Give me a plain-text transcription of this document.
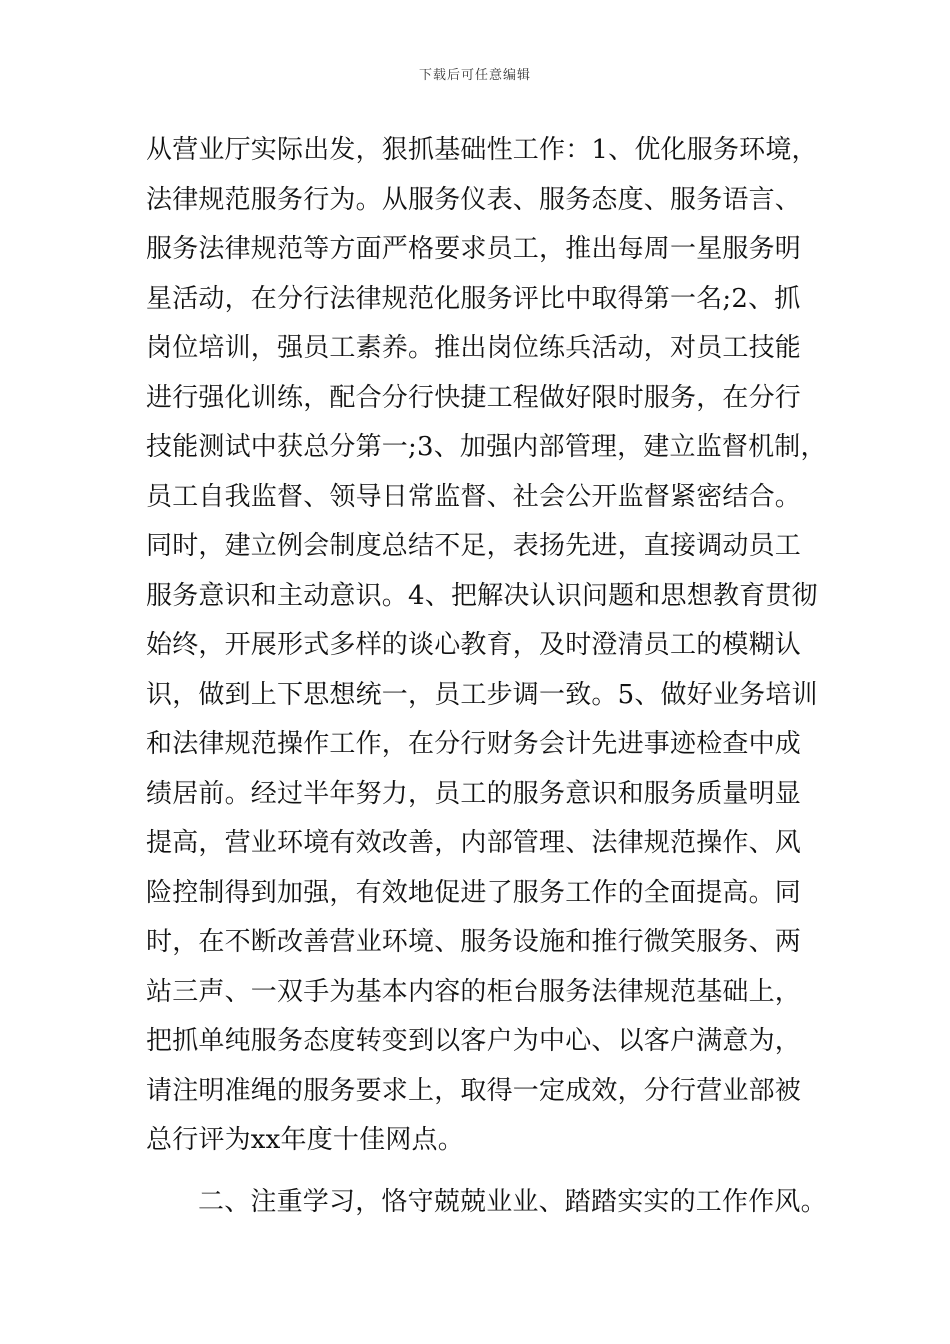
下载后可任意编辑
从营业厅实际出发，狠抓基础性工作：1、优化服务环境，
法律规范服务行为。从服务仪表、服务态度、服务语言、
服务法律规范等方面严格要求员工，推出每周一星服务明
星活动，在分行法律规范化服务评比中取得第一名;2、抓
岗位培训，强员工素养。推出岗位练兵活动，对员工技能
进行强化训练，配合分行快捷工程做好限时服务，在分行
技能测试中获总分第一;3、加强内部管理，建立监督机制，
员工自我监督、领导日常监督、社会公开监督紧密结合。
同时，建立例会制度总结不足，表扬先进，直接调动员工
服务意识和主动意识。4、把解决认识问题和思想教育贯彻
始终，开展形式多样的谈心教育，及时澄清员工的模糊认
识，做到上下思想统一，员工步调一致。5、做好业务培训
和法律规范操作工作，在分行财务会计先进事迹检查中成
绩居前。经过半年努力，员工的服务意识和服务质量明显
提高，营业环境有效改善，内部管理、法律规范操作、风
险控制得到加强，有效地促进了服务工作的全面提高。同
时，在不断改善营业环境、服务设施和推行微笑服务、两
站三声、一双手为基本内容的柜台服务法律规范基础上，
把抓单纯服务态度转变到以客户为中心、以客户满意为，
请注明准绳的服务要求上，取得一定成效，分行营业部被
总行评为xx年度十佳网点。
二、注重学习，恪守兢兢业业、踏踏实实的工作作风。
